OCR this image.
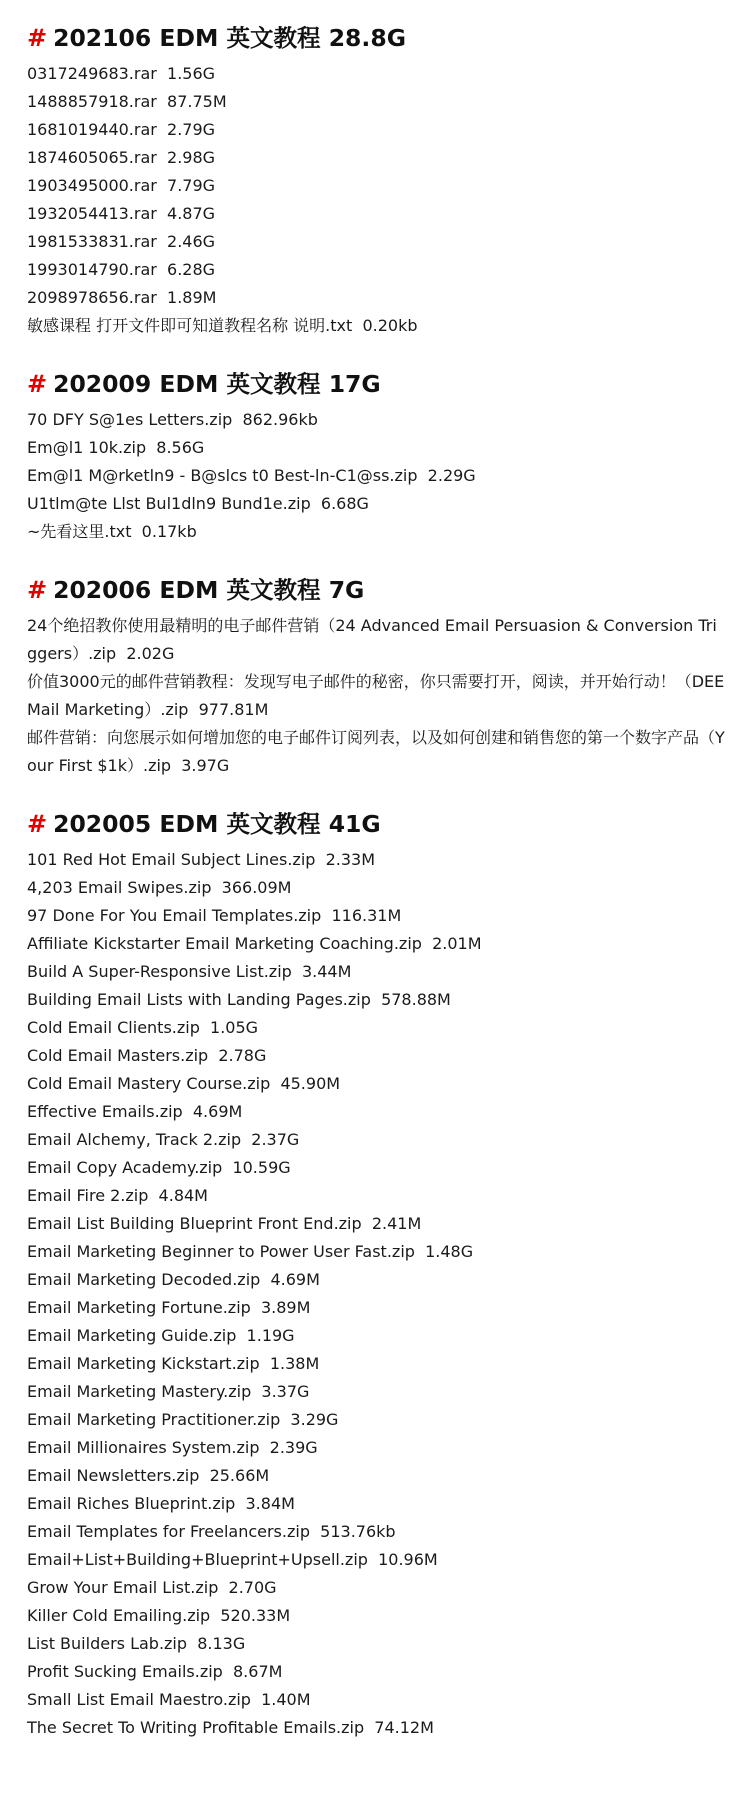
# 202106 EDM 英文教程 28.8G
0317249683.rar  1.56G
1488857918.rar  87.75M
1681019440.rar  2.79G
1874605065.rar  2.98G
1903495000.rar  7.79G
1932054413.rar  4.87G
1981533831.rar  2.46G
1993014790.rar  6.28G
2098978656.rar  1.89M
敏感课程 打开文件即可知道教程名称 说明.txt  0.20kb
# 202009 EDM 英文教程 17G
70 DFY S@1es Letters.zip  862.96kb
Em@l1 10k.zip  8.56G
Em@l1 M@rketln9 - B@slcs t0 Best-ln-C1@ss.zip  2.29G
U1tlm@te Llst Bul1dln9 Bund1e.zip  6.68G
~先看这里.txt  0.17kb
# 202006 EDM 英文教程 7G
24个绝招教你使用最精明的电子邮件营销（24 Advanced Email Persuasion & Conversion Triggers）.zip  2.02G
价值3000元的邮件营销教程：发现写电子邮件的秘密，你只需要打开，阅读，并开始行动！（DEEMail Marketing）.zip  977.81M
邮件营销：向您展示如何增加您的电子邮件订阅列表，以及如何创建和销售您的第一个数字产品（Your First $1k）.zip  3.97G
# 202005 EDM 英文教程 41G
101 Red Hot Email Subject Lines.zip  2.33M
4,203 Email Swipes.zip  366.09M
97 Done For You Email Templates.zip  116.31M
Affiliate Kickstarter Email Marketing Coaching.zip  2.01M
Build A Super-Responsive List.zip  3.44M
Building Email Lists with Landing Pages.zip  578.88M
Cold Email Clients.zip  1.05G
Cold Email Masters.zip  2.78G
Cold Email Mastery Course.zip  45.90M
Effective Emails.zip  4.69M
Email Alchemy, Track 2.zip  2.37G
Email Copy Academy.zip  10.59G
Email Fire 2.zip  4.84M
Email List Building Blueprint Front End.zip  2.41M
Email Marketing Beginner to Power User Fast.zip  1.48G
Email Marketing Decoded.zip  4.69M
Email Marketing Fortune.zip  3.89M
Email Marketing Guide.zip  1.19G
Email Marketing Kickstart.zip  1.38M
Email Marketing Mastery.zip  3.37G
Email Marketing Practitioner.zip  3.29G
Email Millionaires System.zip  2.39G
Email Newsletters.zip  25.66M
Email Riches Blueprint.zip  3.84M
Email Templates for Freelancers.zip  513.76kb
Email+List+Building+Blueprint+Upsell.zip  10.96M
Grow Your Email List.zip  2.70G
Killer Cold Emailing.zip  520.33M
List Builders Lab.zip  8.13G
Profit Sucking Emails.zip  8.67M
Small List Email Maestro.zip  1.40M
The Secret To Writing Profitable Emails.zip  74.12M
